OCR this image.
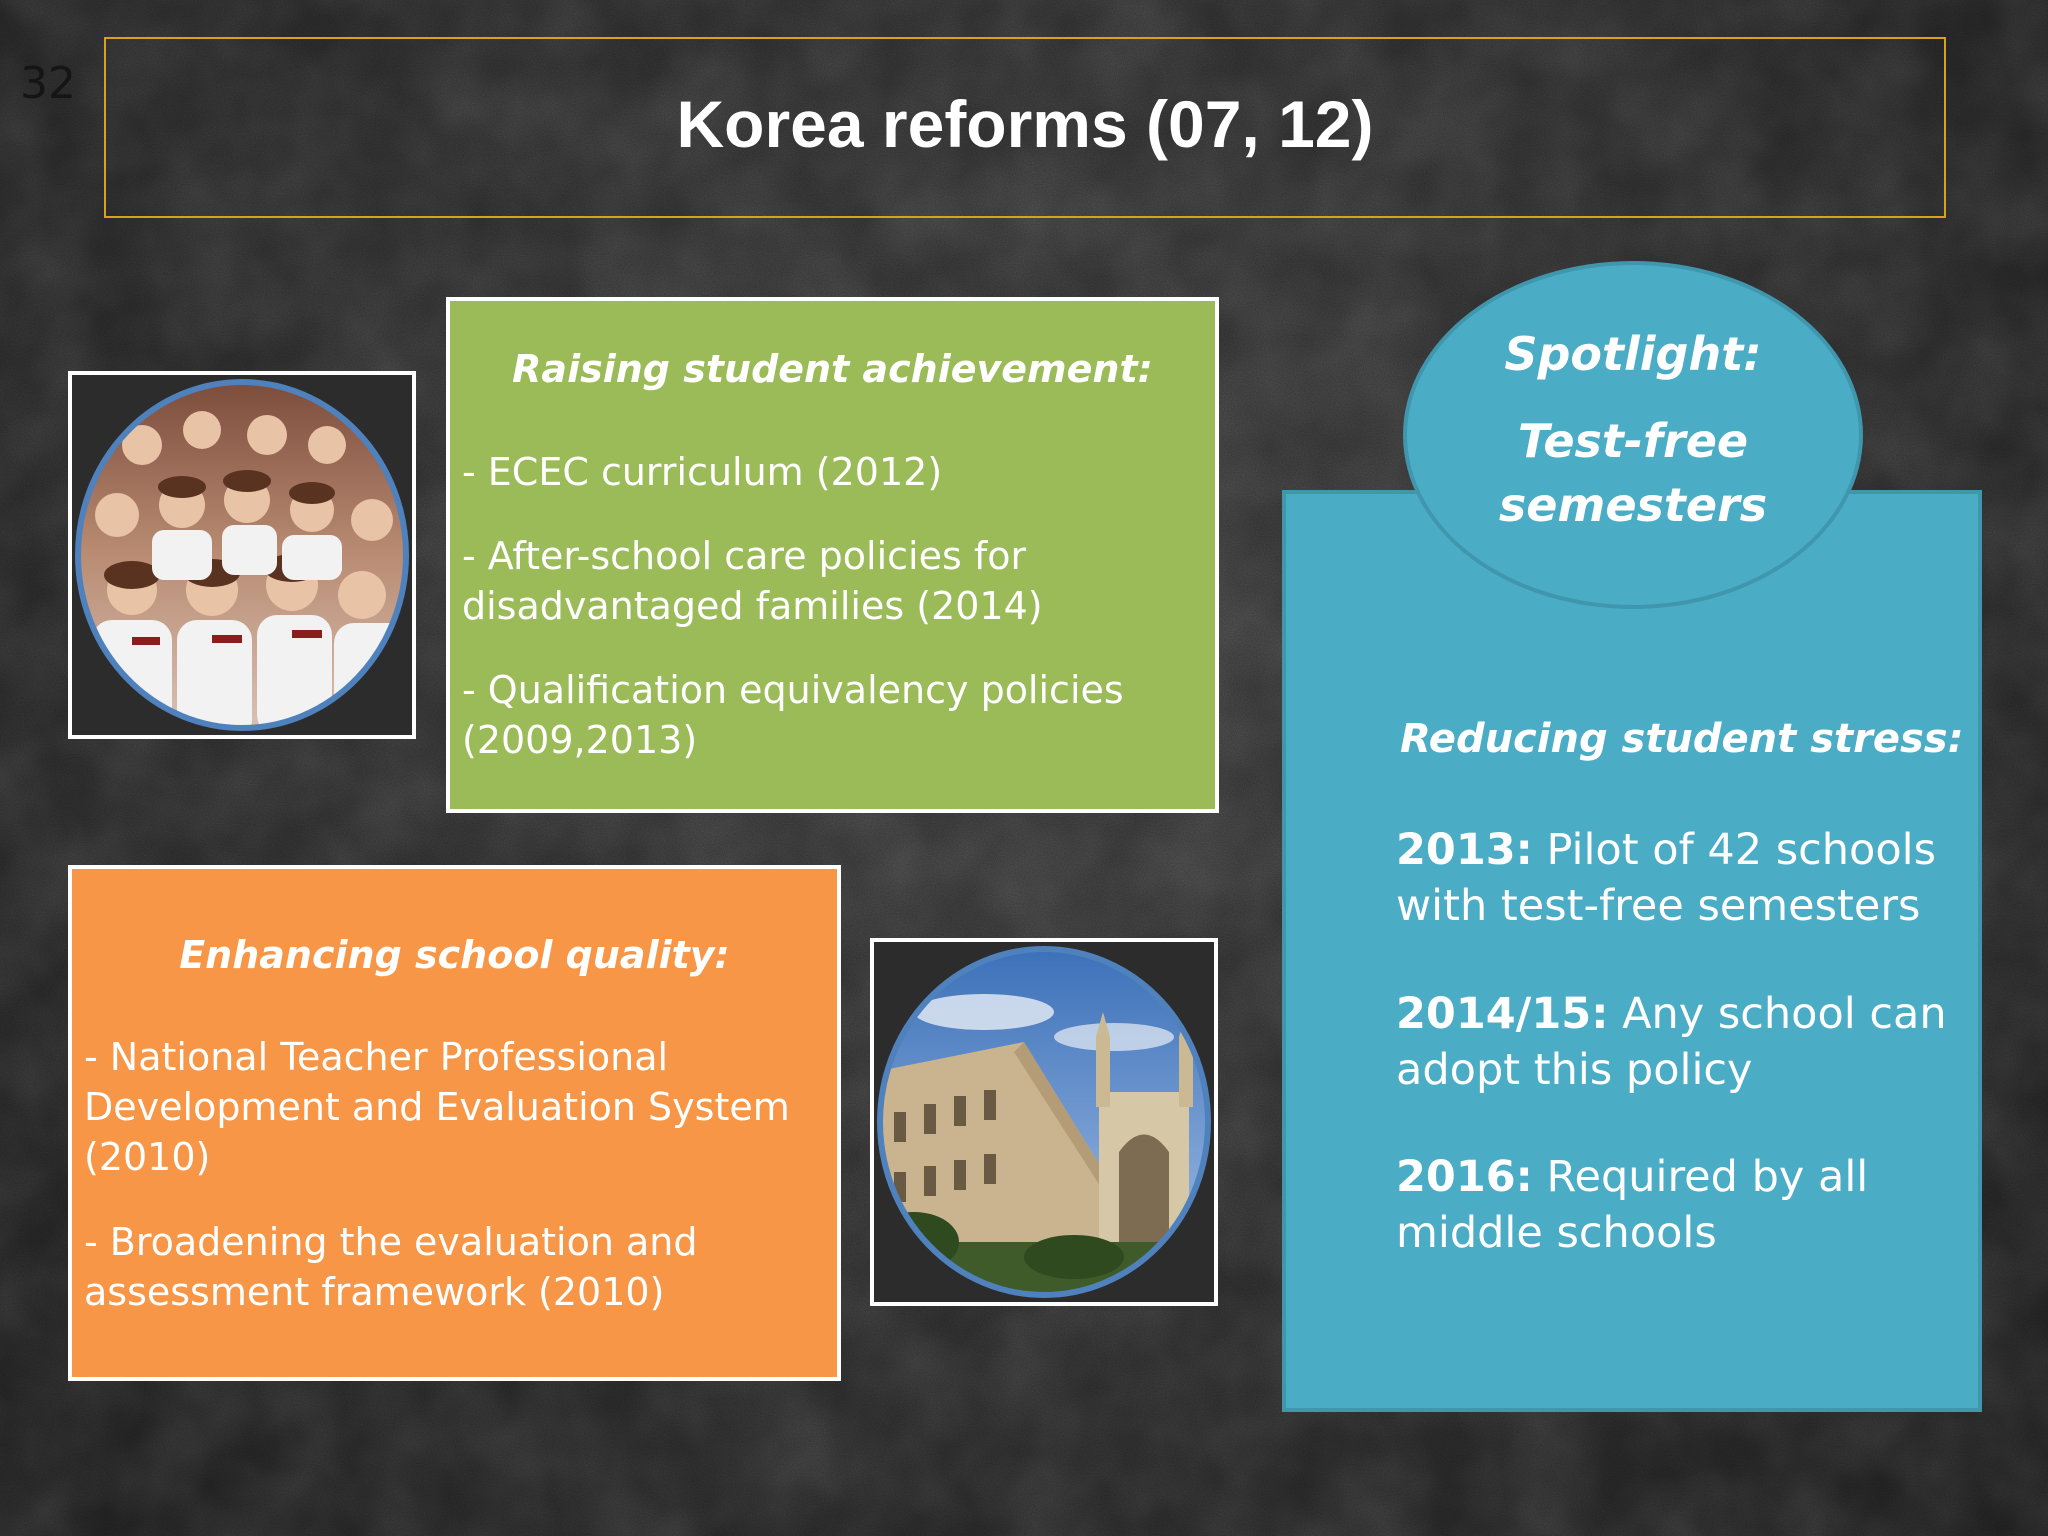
32
Korea reforms (07, 12)
Raising student achievement:
- ECEC curriculum (2012)
- After-school care policies for disadvantaged families (2014)
- Qualification equivalency policies (2009,2013)
Enhancing school quality:
- National Teacher Professional Development and Evaluation System (2010)
- Broadening the evaluation and assessment framework (2010)
Spotlight:
Test-free
semesters
Reducing student stress:
2013: Pilot of 42 schools with test-free semesters
2014/15: Any school can adopt this policy
2016: Required by all middle schools
